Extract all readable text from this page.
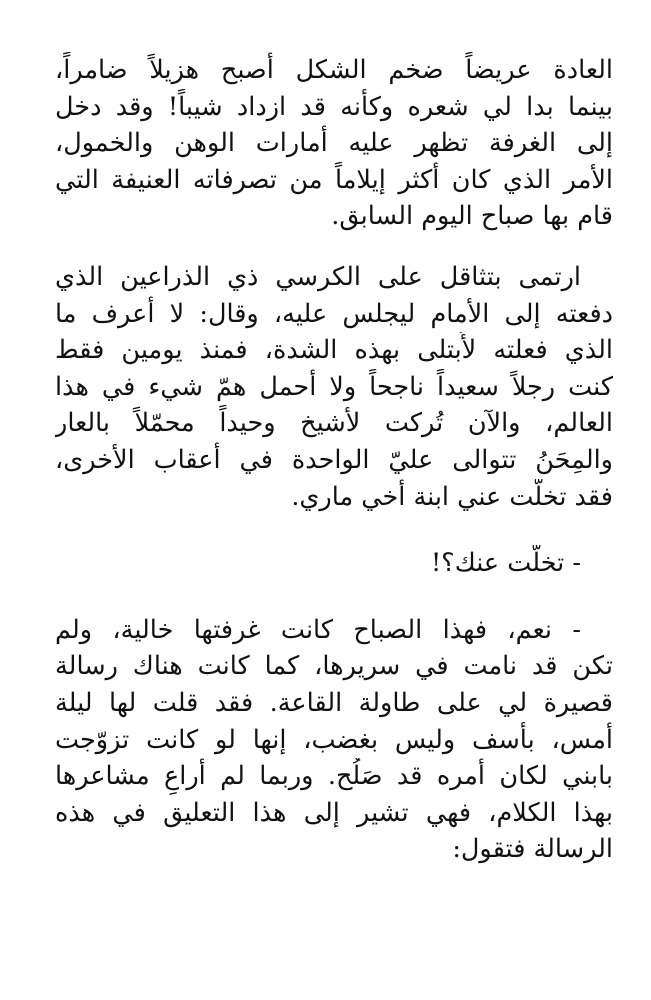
العادة عريضاً ضخم الشكل أصبح هزيلاً ضامراً،
بينما بدا لي شعره وكأنه قد ازداد شيباً! وقد دخل
إلى الغرفة تظهر عليه أمارات الوهن والخمول،
الأمر الذي كان أكثر إيلاماً من تصرفاته العنيفة التي
قام بها صباح اليوم السابق.
ارتمى بتثاقل على الكرسي ذي الذراعين الذي
دفعته إلى الأمام ليجلس عليه، وقال: لا أعرف ما
الذي فعلته لأُبتلى بهذه الشدة، فمنذ يومين فقط
كنت رجلاً سعيداً ناجحاً ولا أحمل همّ شيء في هذا
العالم، والآن تُركت لأشيخ وحيداً محمّلاً بالعار
والمِحَنُ تتوالى عليّ الواحدة في أعقاب الأخرى،
فقد تخلّت عني ابنة أخي ماري.
- تخلّت عنك؟!
- نعم، فهذا الصباح كانت غرفتها خالية، ولم
تكن قد نامت في سريرها، كما كانت هناك رسالة
قصيرة لي على طاولة القاعة. فقد قلت لها ليلة
أمس، بأسف وليس بغضب، إنها لو كانت تزوّجت
بابني لكان أمره قد صَلُح. وربما لم أُراعِ مشاعرها
بهذا الكلام، فهي تشير إلى هذا التعليق في هذه
الرسالة فتقول:
